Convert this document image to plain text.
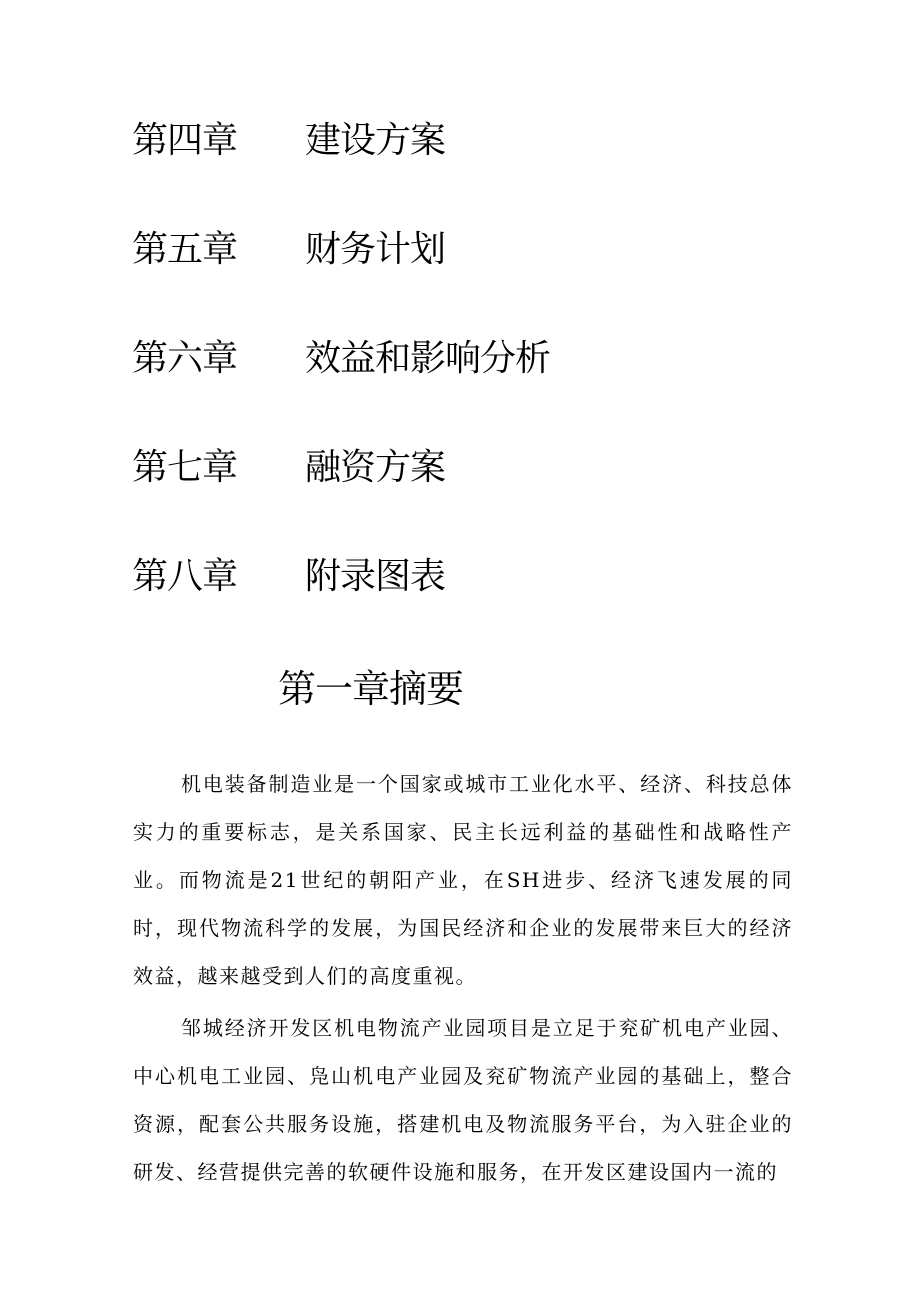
第四章	建设方案
第五章	财务计划
第六章	效益和影响分析
第七章	融资方案
第八章	附录图表
第一章摘要

机电装备制造业是一个国家或城市工业化水平、经济、科技总体实力的重要标志，是关系国家、民主长远利益的基础性和战略性产业。而物流是21世纪的朝阳产业，在SH进步、经济飞速发展的同时，现代物流科学的发展，为国民经济和企业的发展带来巨大的经济效益，越来越受到人们的高度重视。

邹城经济开发区机电物流产业园项目是立足于兖矿机电产业园、中心机电工业园、凫山机电产业园及兖矿物流产业园的基础上，整合资源，配套公共服务设施，搭建机电及物流服务平台，为入驻企业的研发、经营提供完善的软硬件设施和服务，在开发区建设国内一流的
